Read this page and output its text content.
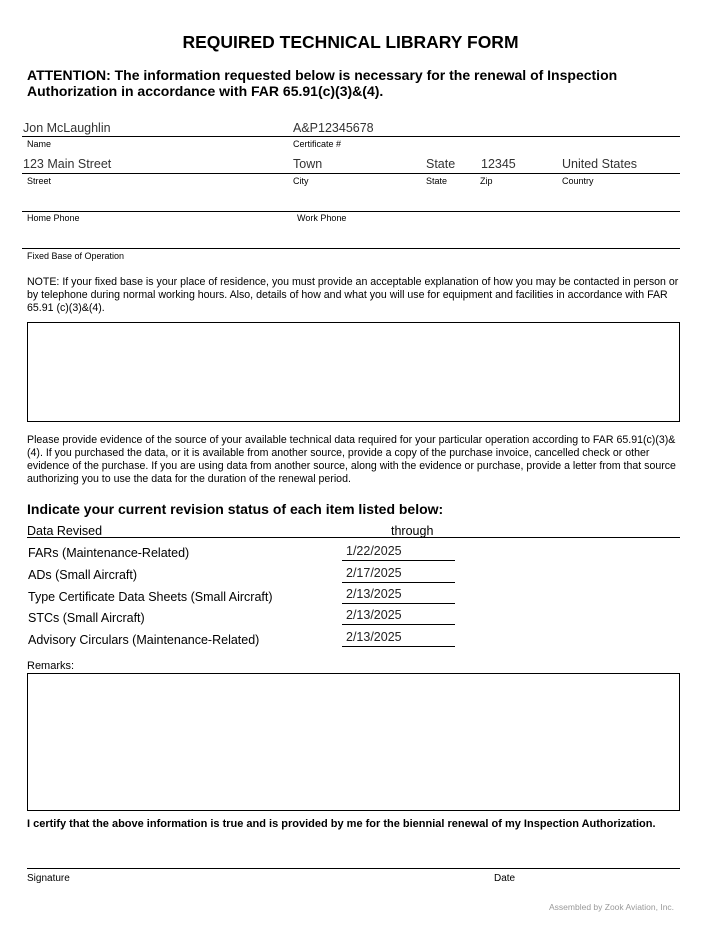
REQUIRED TECHNICAL LIBRARY FORM
ATTENTION: The information requested below is necessary for the renewal of Inspection Authorization in accordance with FAR 65.91(c)(3)&(4).
Jon McLaughlin	A&P12345678
Name	Certificate #
123 Main Street	Town	State 12345	United States
Street	City	State	Zip	Country
Home Phone	Work Phone
Fixed Base of Operation
NOTE: If your fixed base is your place of residence, you must provide an acceptable explanation of how you may be contacted in person or by telephone during normal working hours. Also, details of how and what you will use for equipment and facilities in accordance with FAR 65.91 (c)(3)&(4).
Please provide evidence of the source of your available technical data required for your particular operation according to FAR 65.91(c)(3)&(4). If you purchased the data, or it is available from another source, provide a copy of the purchase invoice, cancelled check or other evidence of the purchase. If you are using data from another source, along with the evidence or purchase, provide a letter from that source authorizing you to use the data for the duration of the renewal period.
Indicate your current revision status of each item listed below:
Data Revised	through
FARs (Maintenance-Related)	1/22/2025
ADs (Small Aircraft)	2/17/2025
Type Certificate Data Sheets (Small Aircraft)	2/13/2025
STCs (Small Aircraft)	2/13/2025
Advisory Circulars (Maintenance-Related)	2/13/2025
Remarks:
I certify that the above information is true and is provided by me for the biennial renewal of my Inspection Authorization.
Signature	Date
Assembled by Zook Aviation, Inc.
